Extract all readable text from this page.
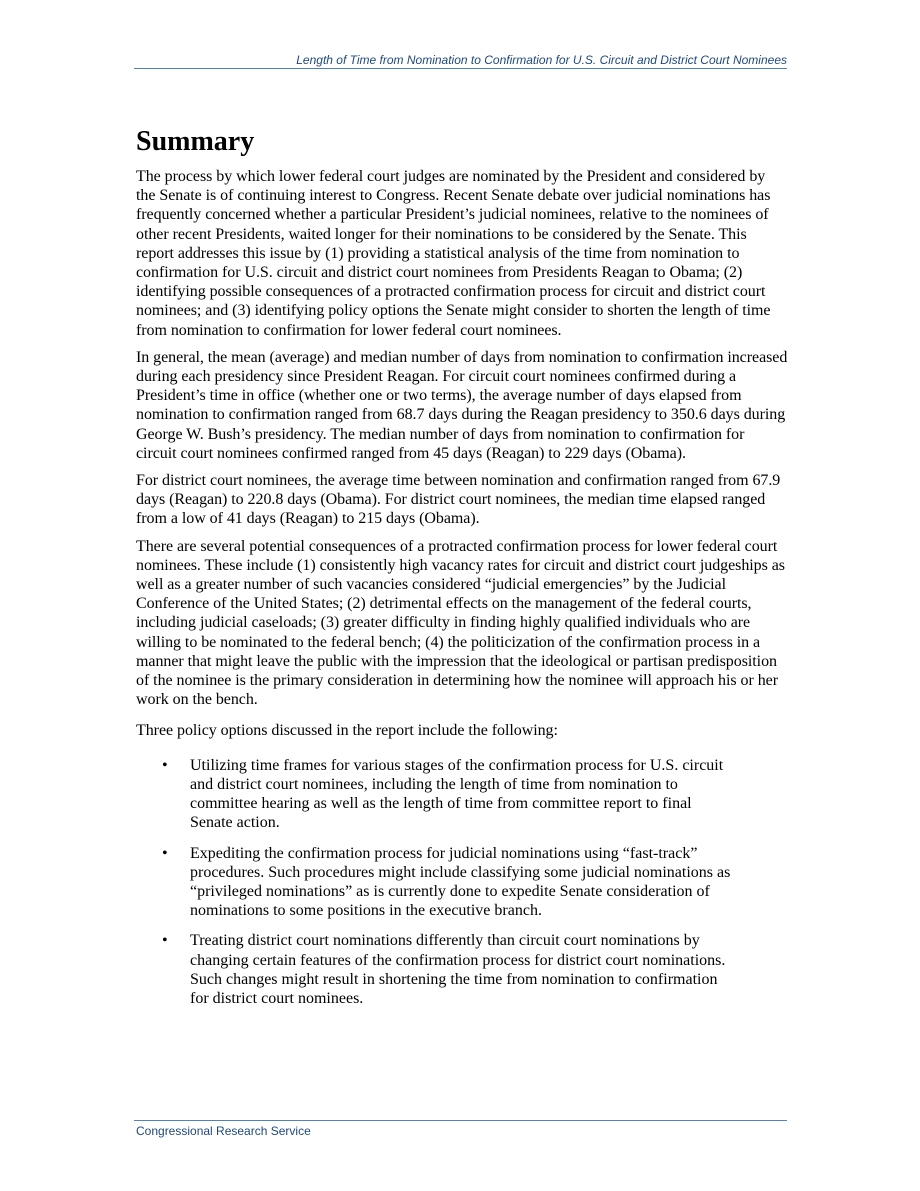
Length of Time from Nomination to Confirmation for U.S. Circuit and District Court Nominees
Summary

The process by which lower federal court judges are nominated by the President and considered by the Senate is of continuing interest to Congress. Recent Senate debate over judicial nominations has frequently concerned whether a particular President’s judicial nominees, relative to the nominees of other recent Presidents, waited longer for their nominations to be considered by the Senate. This report addresses this issue by (1) providing a statistical analysis of the time from nomination to confirmation for U.S. circuit and district court nominees from Presidents Reagan to Obama; (2) identifying possible consequences of a protracted confirmation process for circuit and district court nominees; and (3) identifying policy options the Senate might consider to shorten the length of time from nomination to confirmation for lower federal court nominees.

In general, the mean (average) and median number of days from nomination to confirmation increased during each presidency since President Reagan. For circuit court nominees confirmed during a President’s time in office (whether one or two terms), the average number of days elapsed from nomination to confirmation ranged from 68.7 days during the Reagan presidency to 350.6 days during George W. Bush’s presidency. The median number of days from nomination to confirmation for circuit court nominees confirmed ranged from 45 days (Reagan) to 229 days (Obama).

For district court nominees, the average time between nomination and confirmation ranged from 67.9 days (Reagan) to 220.8 days (Obama). For district court nominees, the median time elapsed ranged from a low of 41 days (Reagan) to 215 days (Obama).

There are several potential consequences of a protracted confirmation process for lower federal court nominees. These include (1) consistently high vacancy rates for circuit and district court judgeships as well as a greater number of such vacancies considered “judicial emergencies” by the Judicial Conference of the United States; (2) detrimental effects on the management of the federal courts, including judicial caseloads; (3) greater difficulty in finding highly qualified individuals who are willing to be nominated to the federal bench; (4) the politicization of the confirmation process in a manner that might leave the public with the impression that the ideological or partisan predisposition of the nominee is the primary consideration in determining how the nominee will approach his or her work on the bench.

Three policy options discussed in the report include the following:

• Utilizing time frames for various stages of the confirmation process for U.S. circuit and district court nominees, including the length of time from nomination to committee hearing as well as the length of time from committee report to final Senate action.
• Expediting the confirmation process for judicial nominations using “fast-track” procedures. Such procedures might include classifying some judicial nominations as “privileged nominations” as is currently done to expedite Senate consideration of nominations to some positions in the executive branch.
• Treating district court nominations differently than circuit court nominations by changing certain features of the confirmation process for district court nominations. Such changes might result in shortening the time from nomination to confirmation for district court nominees.
Congressional Research Service
